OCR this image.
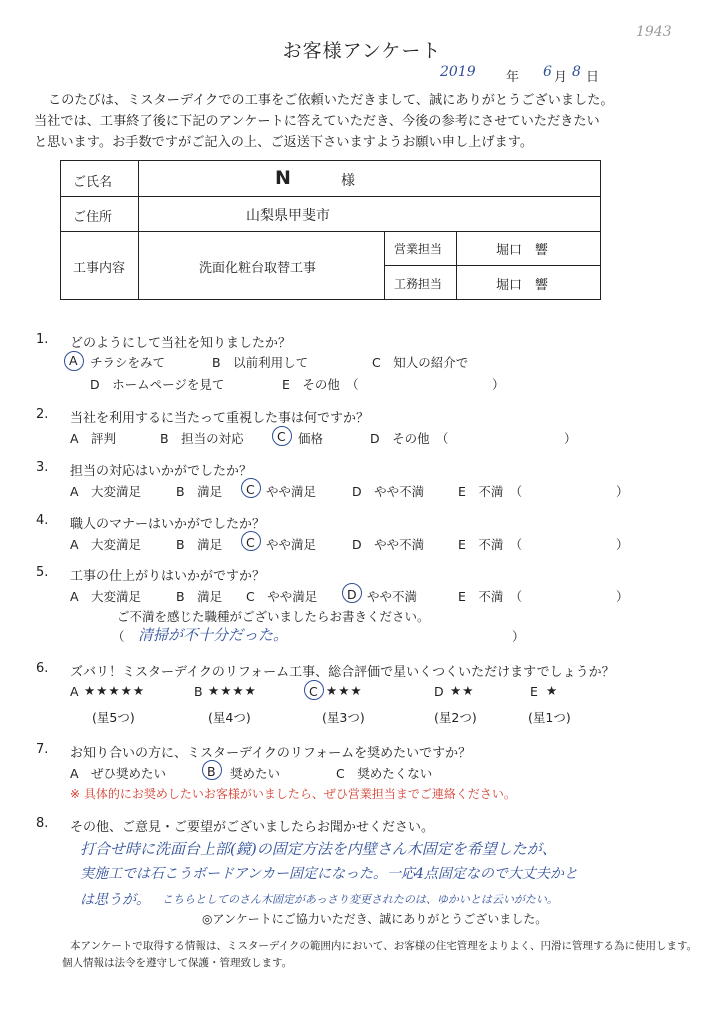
1943
お客様アンケート
2019 年 6 月 8 日
このたびは、ミスターデイクでの工事をご依頼いただきまして、誠にありがとうございました。
当社では、工事終了後に下記のアンケートに答えていただき、今後の参考にさせていただきたい
と思います。お手数ですがご記入の上、ご返送下さいますようお願い申し上げます。
ご氏名	N	様
ご住所	山梨県甲斐市
工事内容	洗面化粧台取替工事
営業担当	堀口　響
工務担当	堀口　響
1. どのようにして当社を知りましたか？
A チラシをみて	B　以前利用して	C　知人の紹介で
D　ホームページを見て	E　その他　（	）
2. 当社を利用するに当たって重視した事は何ですか？
A　評判	B　担当の対応	C 価格	D　その他　（	）
3. 担当の対応はいかがでしたか？
A　大変満足	B　満足 C やや満足	D　やや不満	E　不満　（	）
4. 職人のマナーはいかがでしたか？
A　大変満足	B　満足 C やや満足	D　やや不満	E　不満　（	）
5. 工事の仕上がりはいかがですか？
A　大変満足	B　満足 C　やや満足 D やや不満	E　不満　（	）
ご不満を感じた職種がございましたらお書きください。
（ 清掃が不十分だった。	）
6. ズバリ！ミスターデイクのリフォーム工事、総合評価で星いくつくいただけますでしょうか？
A ★★★★★
(星5つ)
B ★★★★
(星4つ)
C ★★★
(星3つ)
D ★★
(星2つ)
E ★
(星1つ)
7. お知り合いの方に、ミスターデイクのリフォームを奨めたいですか？
A　ぜひ奨めたい	B 奨めたい	C　奨めたくない
※ 具体的にお奨めしたいお客様がいましたら、ぜひ営業担当までご連絡ください。
8. その他、ご意見・ご要望がございましたらお聞かせください。
打合せ時に洗面台上部(鏡)の固定方法を内壁さん木固定を希望したが、
実施工では石こうボードアンカー固定になった。一応4点固定なので大丈夫かと
は思うが。 こちらとしてのさん木固定があっさり変更されたのは、ゆかいとは云いがたい。
◎アンケートにご協力いただき、誠にありがとうございました。
本アンケートで取得する情報は、ミスターデイクの範囲内において、お客様の住宅管理をよりよく、円滑に管理する為に使用します。
個人情報は法令を遵守して保護・管理致します。
